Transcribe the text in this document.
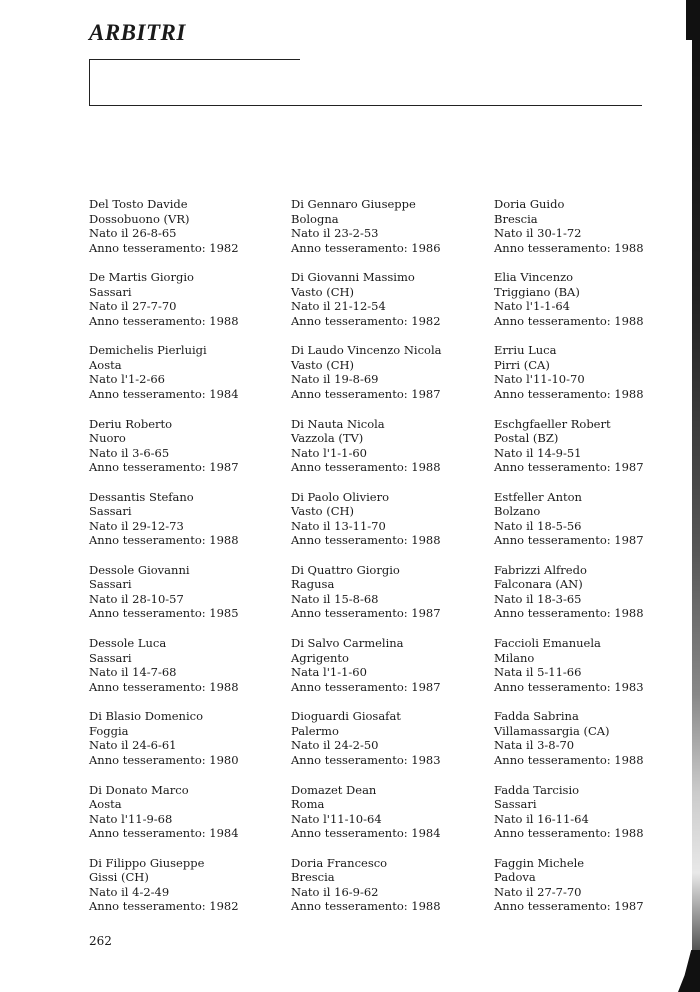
ARBITRI
Del Tosto Davide
Dossobuono (VR)
Nato il 26-8-65
Anno tesseramento: 1982
De Martis Giorgio
Sassari
Nato il 27-7-70
Anno tesseramento: 1988
Demichelis Pierluigi
Aosta
Nato l'1-2-66
Anno tesseramento: 1984
Deriu Roberto
Nuoro
Nato il 3-6-65
Anno tesseramento: 1987
Dessantis Stefano
Sassari
Nato il 29-12-73
Anno tesseramento: 1988
Dessole Giovanni
Sassari
Nato il 28-10-57
Anno tesseramento: 1985
Dessole Luca
Sassari
Nato il 14-7-68
Anno tesseramento: 1988
Di Blasio Domenico
Foggia
Nato il 24-6-61
Anno tesseramento: 1980
Di Donato Marco
Aosta
Nato l'11-9-68
Anno tesseramento: 1984
Di Filippo Giuseppe
Gissi (CH)
Nato il 4-2-49
Anno tesseramento: 1982
Di Gennaro Giuseppe
Bologna
Nato il 23-2-53
Anno tesseramento: 1986
Di Giovanni Massimo
Vasto (CH)
Nato il 21-12-54
Anno tesseramento: 1982
Di Laudo Vincenzo Nicola
Vasto (CH)
Nato il 19-8-69
Anno tesseramento: 1987
Di Nauta Nicola
Vazzola (TV)
Nato l'1-1-60
Anno tesseramento: 1988
Di Paolo Oliviero
Vasto (CH)
Nato il 13-11-70
Anno tesseramento: 1988
Di Quattro Giorgio
Ragusa
Nato il 15-8-68
Anno tesseramento: 1987
Di Salvo Carmelina
Agrigento
Nata l'1-1-60
Anno tesseramento: 1987
Dioguardi Giosafat
Palermo
Nato il 24-2-50
Anno tesseramento: 1983
Domazet Dean
Roma
Nato l'11-10-64
Anno tesseramento: 1984
Doria Francesco
Brescia
Nato il 16-9-62
Anno tesseramento: 1988
Doria Guido
Brescia
Nato il 30-1-72
Anno tesseramento: 1988
Elia Vincenzo
Triggiano (BA)
Nato l'1-1-64
Anno tesseramento: 1988
Erriu Luca
Pirri (CA)
Nato l'11-10-70
Anno tesseramento: 1988
Eschgfaeller Robert
Postal (BZ)
Nato il 14-9-51
Anno tesseramento: 1987
Estfeller Anton
Bolzano
Nato il 18-5-56
Anno tesseramento: 1987
Fabrizzi Alfredo
Falconara (AN)
Nato il 18-3-65
Anno tesseramento: 1988
Faccioli Emanuela
Milano
Nata il 5-11-66
Anno tesseramento: 1983
Fadda Sabrina
Villamassargia (CA)
Nata il 3-8-70
Anno tesseramento: 1988
Fadda Tarcisio
Sassari
Nato il 16-11-64
Anno tesseramento: 1988
Faggin Michele
Padova
Nato il 27-7-70
Anno tesseramento: 1987
262
